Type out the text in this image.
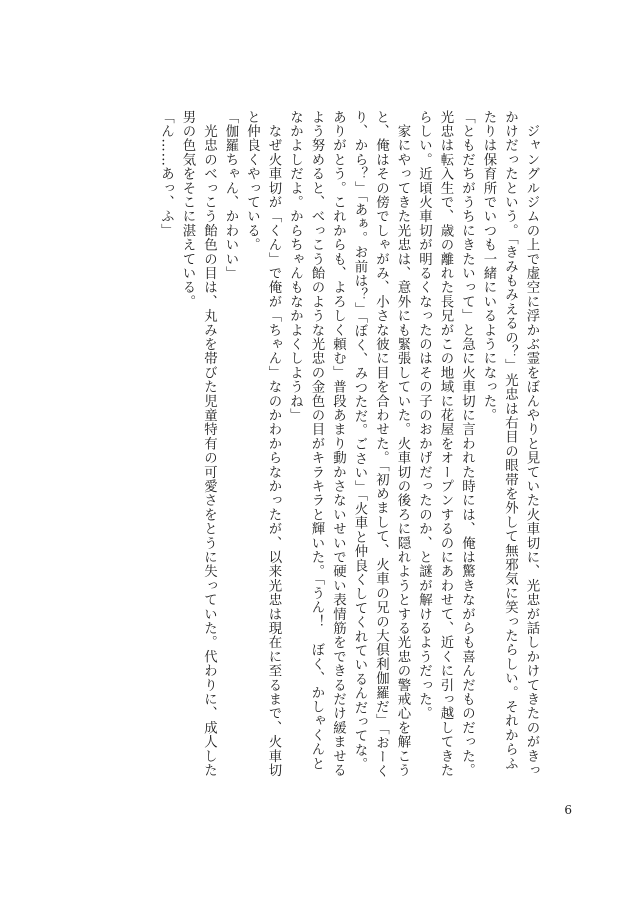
　ジャングルジムの上で虚空に浮かぶ霊をぼんやりと見ていた火車切に、光忠が話しかけてきたのがきっ
かけだったという。「きみもみえるの？」光忠は右目の眼帯を外して無邪気に笑ったらしい。それからふ
たりは保育所でいつも一緒にいるようになった。
「ともだちがうちにきたいって」と急に火車切に言われた時には、俺は驚きながらも喜んだものだった。
光忠は転入生で、歳の離れた長兄がこの地域に花屋をオープンするのにあわせて、近くに引っ越してきた
らしい。近頃火車切が明るくなったのはその子のおかげだったのか、と謎が解けるようだった。
　家にやってきた光忠は、意外にも緊張していた。火車切の後ろに隠れようとする光忠の警戒心を解こう
と、俺はその傍でしゃがみ、小さな彼に目を合わせた。「初めまして、火車の兄の大倶利伽羅だ」「おーく
り、から？」「あぁ。お前は？」「ぼく、みつただ。ごさい」「火車と仲良くしてくれているんだってな。
ありがとう。これからも、よろしく頼む」普段あまり動かさないせいで硬い表情筋をできるだけ緩ませる
よう努めると、べっこう飴のような光忠の金色の目がキラキラと輝いた。「うん！　ぼく、かしゃくんと
なかよしだよ。からちゃんもなかよくしようね」
　なぜ火車切が「くん」で俺が「ちゃん」なのかわからなかったが、以来光忠は現在に至るまで、火車切
と仲良くやっている。
「伽羅ちゃん、かわいい」
　光忠のべっこう飴色の目は、丸みを帯びた児童特有の可愛さをとうに失っていた。代わりに、成人した
男の色気をそこに湛えている。
「ん……あっ、ふ」
6
